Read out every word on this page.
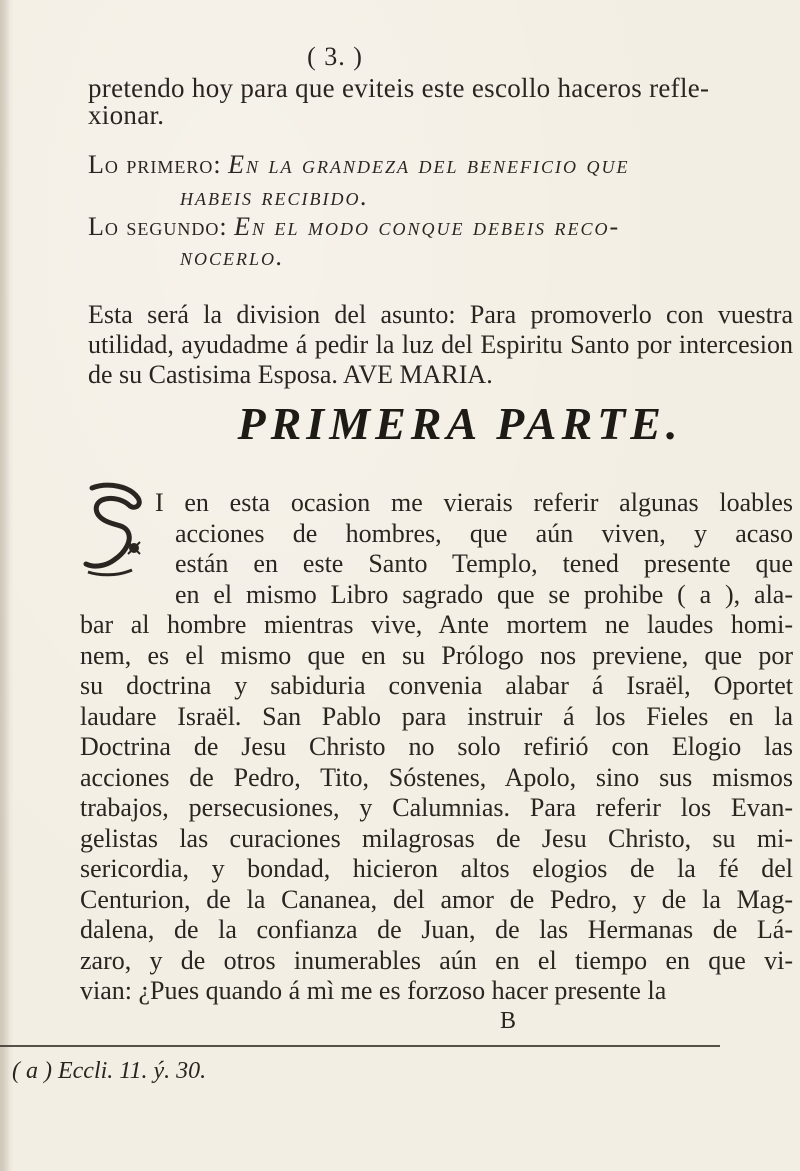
( 3. )
pretendo hoy para que eviteis este escollo haceros refle- xionar.
Lo primero: En la grandeza del beneficio que
habeis recibido.
Lo segundo: En el modo conque debeis reco-
nocerlo.
Esta será la division del asunto: Para promoverlo con vuestra utilidad, ayudadme á pedir la luz del Espiritu Santo por intercesion de su Castisima Esposa. AVE MARIA.
PRIMERA PARTE.
I en esta ocasion me vierais referir algunas loables
acciones de hombres, que aún viven, y acaso
están en este Santo Templo, tened presente que
en el mismo Libro sagrado que se prohibe ( a ), ala-
bar al hombre mientras vive, Ante mortem ne laudes homi-
nem, es el mismo que en su Prólogo nos previene, que por
su doctrina y sabiduria convenia alabar á Israël, Oportet
laudare Israël. San Pablo para instruir á los Fieles en la
Doctrina de Jesu Christo no solo refirió con Elogio las
acciones de Pedro, Tito, Sóstenes, Apolo, sino sus mismos
trabajos, persecusiones, y Calumnias. Para referir los Evan-
gelistas las curaciones milagrosas de Jesu Christo, su mi-
sericordia, y bondad, hicieron altos elogios de la fé del
Centurion, de la Cananea, del amor de Pedro, y de la Mag-
dalena, de la confianza de Juan, de las Hermanas de Lá-
zaro, y de otros inumerables aún en el tiempo en que vi-
vian: ¿Pues quando á mì me es forzoso hacer presente la
B
( a ) Eccli. 11. ý. 30.
